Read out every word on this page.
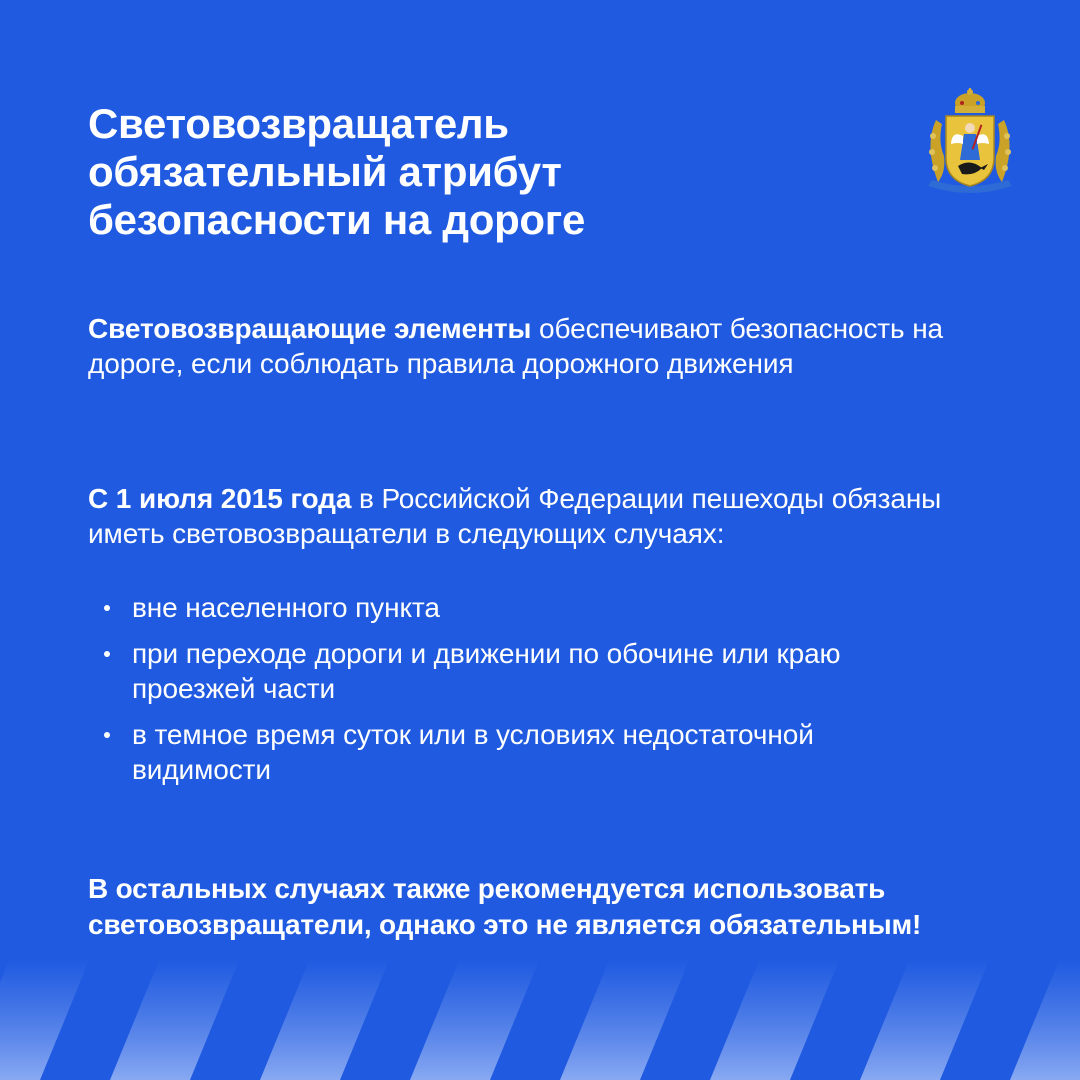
Световозвращатель
обязательный атрибут
безопасности на дороге

Световозвращающие элементы обеспечивают безопасность на дороге, если соблюдать правила дорожного движения

С 1 июля 2015 года в Российской Федерации пешеходы обязаны иметь световозвращатели в следующих случаях:

вне населенного пункта
при переходе дороги и движении по обочине или краю проезжей части
в темное время суток или в условиях недостаточной видимости

В остальных случаях также рекомендуется использовать световозвращатели, однако это не является обязательным!
